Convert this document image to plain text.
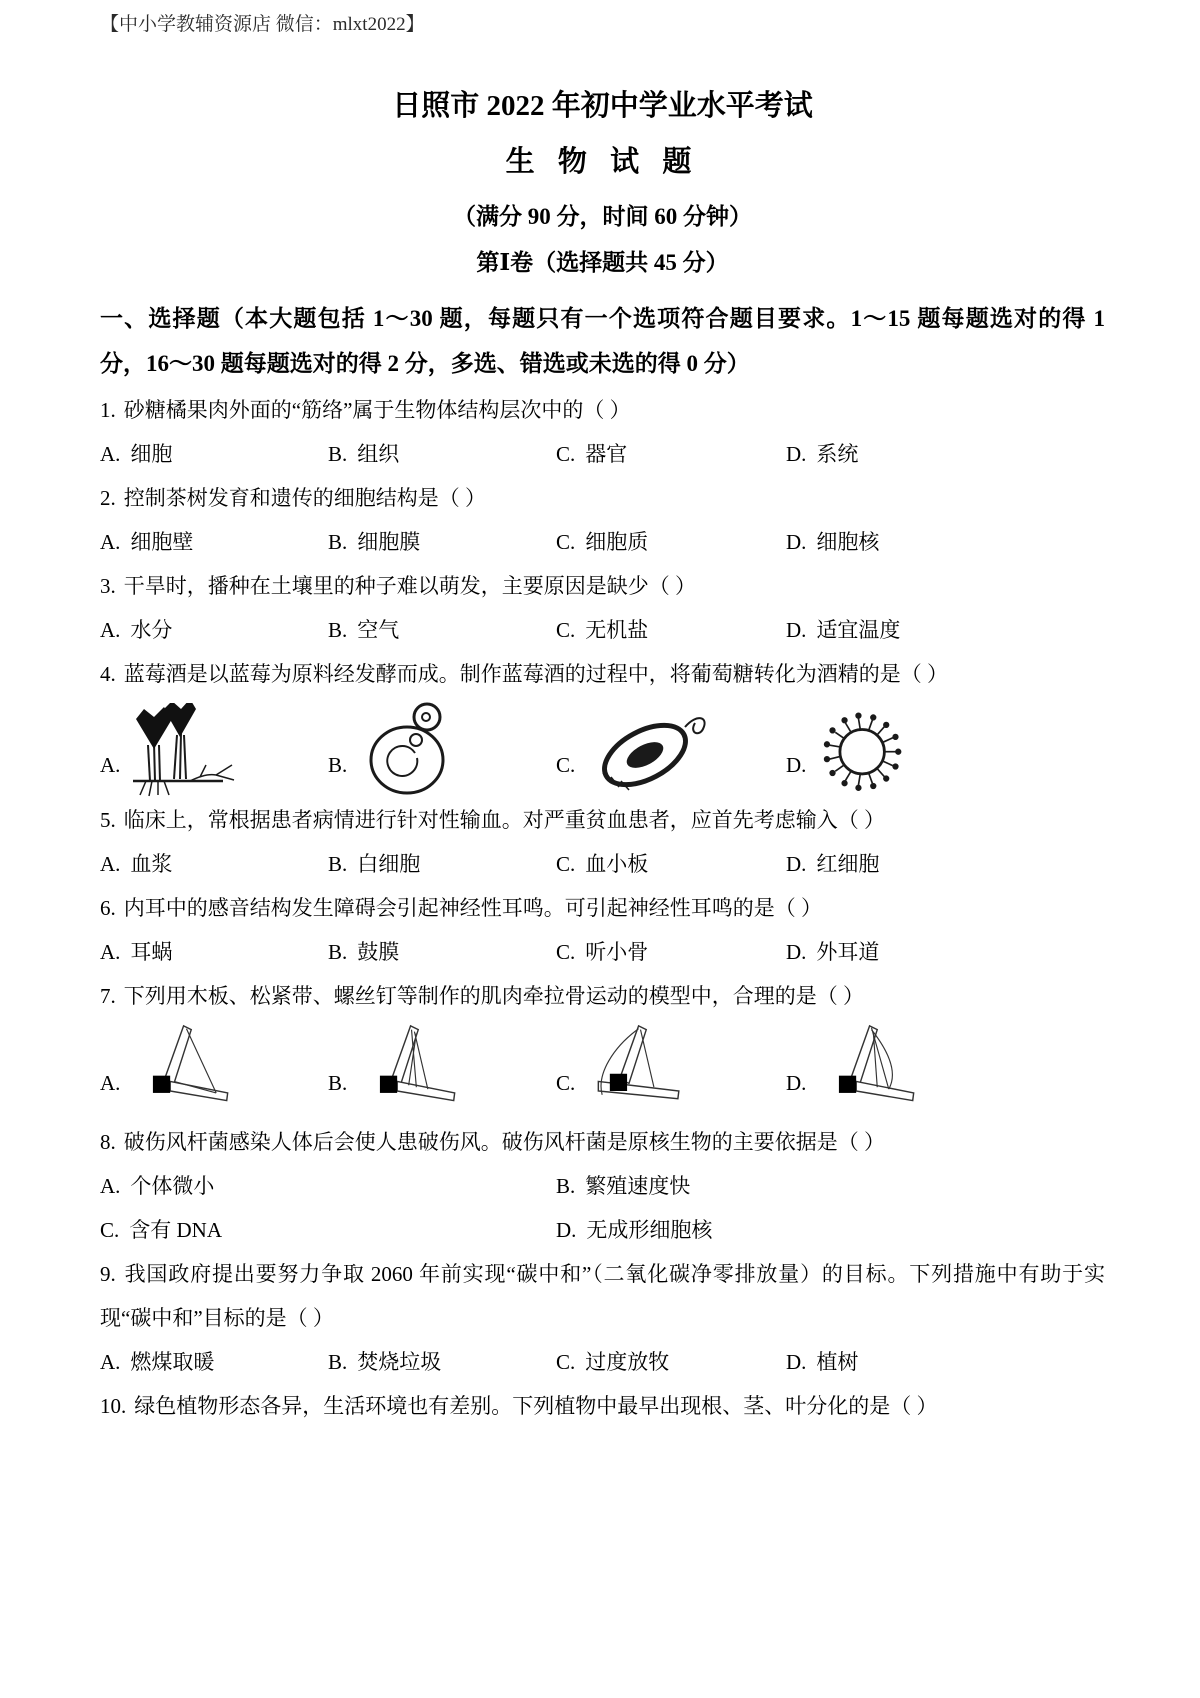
【中小学教辅资源店 微信：mlxt2022】

日照市 2022 年初中学业水平考试
生 物 试 题

（满分 90 分，时间 60 分钟）

第Ⅰ卷（选择题共 45 分）

一、选择题（本大题包括 1～30 题，每题只有一个选项符合题目要求。1～15 题每题选对的得 1 分，16～30 题每题选对的得 2 分，多选、错选或未选的得 0 分）

1. 砂糖橘果肉外面的“筋络”属于生物体结构层次中的（ ）

A. 细胞	B. 组织	C. 器官	D. 系统

2. 控制茶树发育和遗传的细胞结构是（ ）

A. 细胞壁	B. 细胞膜	C. 细胞质	D. 细胞核

3. 干旱时，播种在土壤里的种子难以萌发，主要原因是缺少（ ）

A. 水分	B. 空气	C. 无机盐	D. 适宜温度

4. 蓝莓酒是以蓝莓为原料经发酵而成。制作蓝莓酒的过程中，将葡萄糖转化为酒精的是（ ）

A.	B.	C.	D.

5. 临床上，常根据患者病情进行针对性输血。对严重贫血患者，应首先考虑输入（ ）

A. 血浆	B. 白细胞	C. 血小板	D. 红细胞

6. 内耳中的感音结构发生障碍会引起神经性耳鸣。可引起神经性耳鸣的是（ ）

A. 耳蜗	B. 鼓膜	C. 听小骨	D. 外耳道

7. 下列用木板、松紧带、螺丝钉等制作的肌肉牵拉骨运动的模型中，合理的是（ ）

A.	B.	C.	D.

8. 破伤风杆菌感染人体后会使人患破伤风。破伤风杆菌是原核生物的主要依据是（ ）

A. 个体微小	B. 繁殖速度快
C. 含有 DNA	D. 无成形细胞核

9. 我国政府提出要努力争取 2060 年前实现“碳中和”（二氧化碳净零排放量）的目标。下列措施中有助于实现“碳中和”目标的是（ ）

A. 燃煤取暖	B. 焚烧垃圾	C. 过度放牧	D. 植树

10. 绿色植物形态各异，生活环境也有差别。下列植物中最早出现根、茎、叶分化的是（ ）
